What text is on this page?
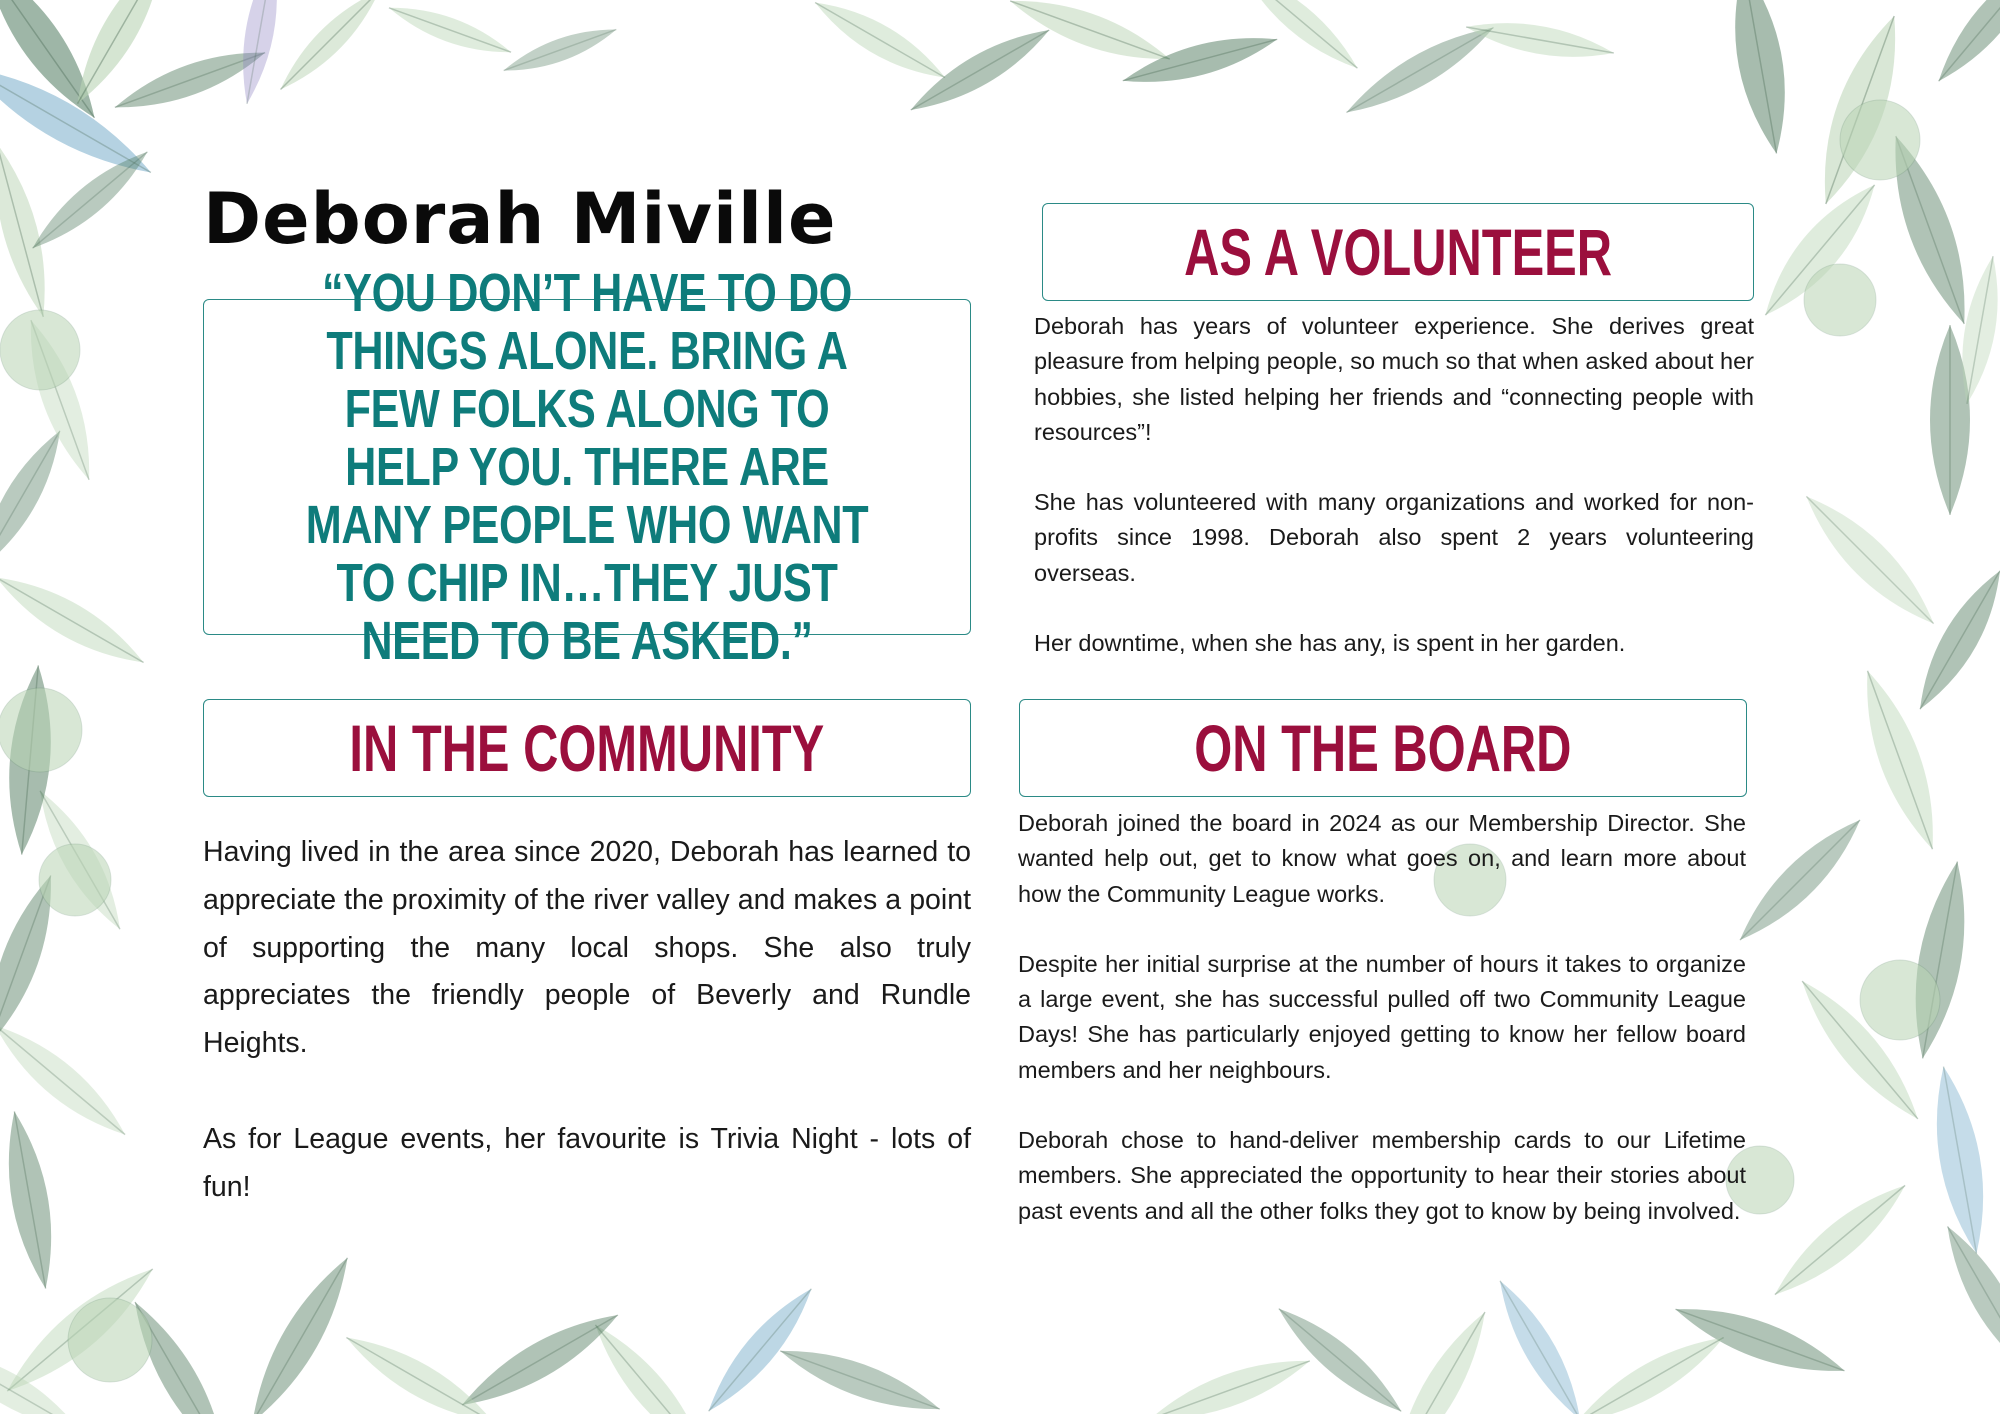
Deborah Miville

“YOU DON’T HAVE TO DO THINGS ALONE. BRING A FEW FOLKS ALONG TO HELP YOU. THERE ARE MANY PEOPLE WHO WANT TO CHIP IN…THEY JUST NEED TO BE ASKED.”

AS A VOLUNTEER

Deborah has years of volunteer experience. She derives great pleasure from helping people, so much so that when asked about her hobbies, she listed helping her friends and “connecting people with resources”!

She has volunteered with many organizations and worked for non-profits since 1998. Deborah also spent 2 years volunteering overseas.

Her downtime, when she has any, is spent in her garden.

IN THE COMMUNITY

Having lived in the area since 2020, Deborah has learned to appreciate the proximity of the river valley and makes a point of supporting the many local shops. She also truly appreciates the friendly people of Beverly and Rundle Heights.

As for League events, her favourite is Trivia Night - lots of fun!

ON THE BOARD

Deborah joined the board in 2024 as our Membership Director. She wanted help out, get to know what goes on, and learn more about how the Community League works.

Despite her initial surprise at the number of hours it takes to organize a large event, she has successful pulled off two Community League Days! She has particularly enjoyed getting to know her fellow board members and her neighbours.

Deborah chose to hand-deliver membership cards to our Lifetime members. She appreciated the opportunity to hear their stories about past events and all the other folks they got to know by being involved.
